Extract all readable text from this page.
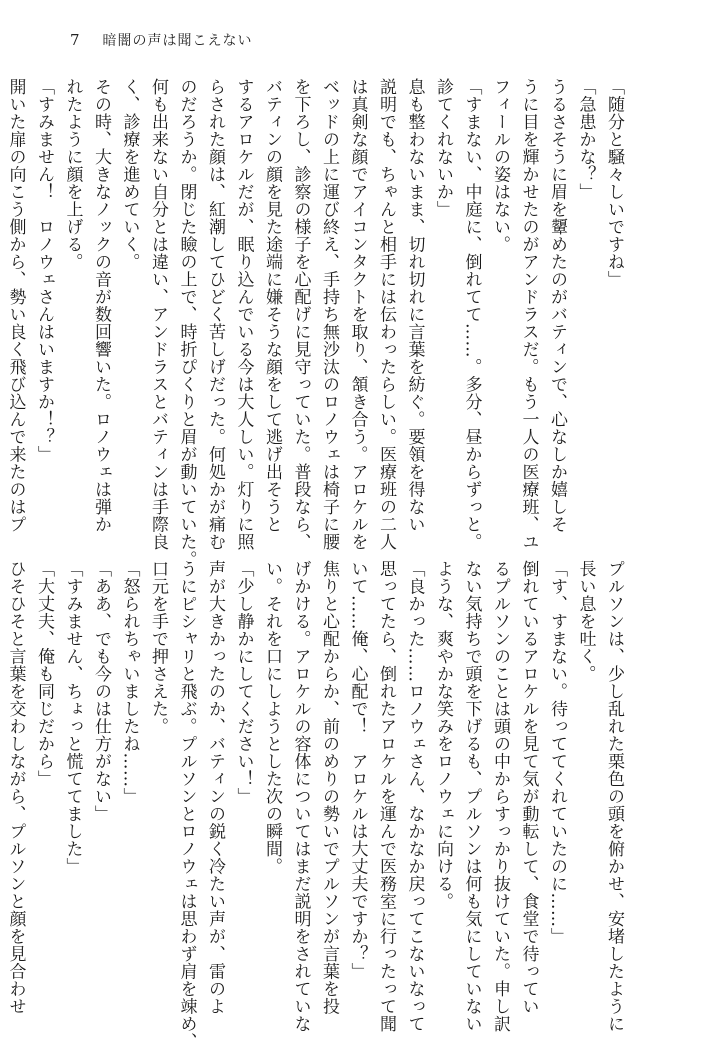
7 暗闇の声は聞こえない

「随分と騒々しいですね」

「急患かな？」

うるさそうに眉を顰めたのがバティンで、心なしか嬉しそ

うに目を輝かせたのがアンドラスだ。もう一人の医療班、ユ

フィールの姿はない。

「すまない、中庭に、倒れてて……。多分、昼からずっと。

診てくれないか」

息も整わないまま、切れ切れに言葉を紡ぐ。要領を得ない

説明でも、ちゃんと相手には伝わったらしい。医療班の二人

は真剣な顔でアイコンタクトを取り、頷き合う。アロケルを

ベッドの上に運び終え、手持ち無沙汰のロノウェは椅子に腰

を下ろし、診察の様子を心配げに見守っていた。普段なら、

バティンの顔を見た途端に嫌そうな顔をして逃げ出そうと

するアロケルだが、眠り込んでいる今は大人しい。灯りに照

らされた顔は、紅潮してひどく苦しげだった。何処かが痛む

のだろうか。閉じた瞼の上で、時折ぴくりと眉が動いていた。

何も出来ない自分とは違い、アンドラスとバティンは手際良

く、診療を進めていく。

その時、大きなノックの音が数回響いた。ロノウェは弾か

れたように顔を上げる。

「すみません！　ロノウェさんはいますか！？」

開いた扉の向こう側から、勢い良く飛び込んで来たのはプ

プルソンは、少し乱れた栗色の頭を俯かせ、安堵したように

長い息を吐く。

「す、すまない。待っててくれていたのに……」

倒れているアロケルを見て気が動転して、食堂で待ってい

るプルソンのことは頭の中からすっかり抜けていた。申し訳

ない気持ちで頭を下げるも、プルソンは何も気にしていない

ような、爽やかな笑みをロノウェに向ける。

「良かった……ロノウェさん、なかなか戻ってこないなって

思ってたら、倒れたアロケルを運んで医務室に行ったって聞

いて……俺、心配で！　アロケルは大丈夫ですか？」

焦りと心配からか、前のめりの勢いでプルソンが言葉を投

げかける。アロケルの容体についてはまだ説明をされていな

い。それを口にしようとした次の瞬間。

「少し静かにしてください！」

声が大きかったのか、バティンの鋭く冷たい声が、雷のよ

うにピシャリと飛ぶ。プルソンとロノウェは思わず肩を竦め、

口元を手で押さえた。

「怒られちゃいましたね……」

「ああ、でも今のは仕方がない」

「すみません、ちょっと慌ててました」

「大丈夫、俺も同じだから」

ひそひそと言葉を交わしながら、プルソンと顔を見合わせ
